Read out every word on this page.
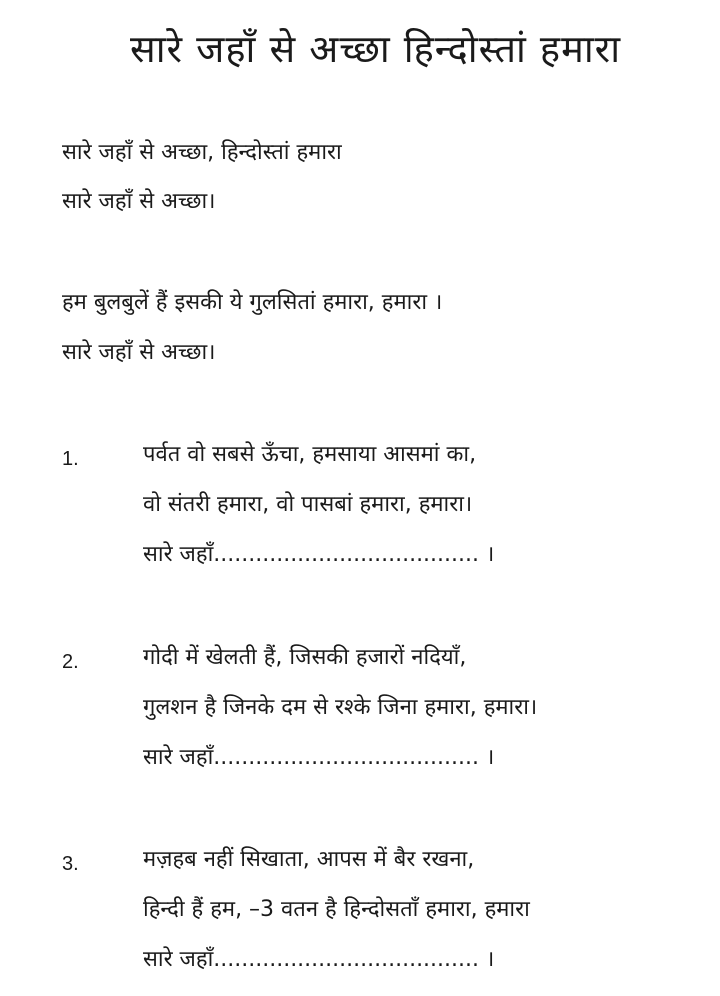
सारे जहाँ से अच्छा हिन्दोस्तां हमारा
सारे जहाँ से अच्छा, हिन्दोस्तां हमारा
सारे जहाँ से अच्छा।
हम बुलबुलें हैं इसकी ये गुलसितां हमारा, हमारा ।
सारे जहाँ से अच्छा।
1.	पर्वत वो सबसे ऊँचा, हमसाया आसमां का,
वो संतरी हमारा, वो पासबां हमारा, हमारा।
सारे जहाँ...................................... ।
2.	गोदी में खेलती हैं, जिसकी हजारों नदियाँ,
गुलशन है जिनके दम से रश्के जिना हमारा, हमारा।
सारे जहाँ...................................... ।
3.	मज़हब नहीं सिखाता, आपस में बैर रखना,
हिन्दी हैं हम, –3 वतन है हिन्दोसताँ हमारा, हमारा
सारे जहाँ...................................... ।
